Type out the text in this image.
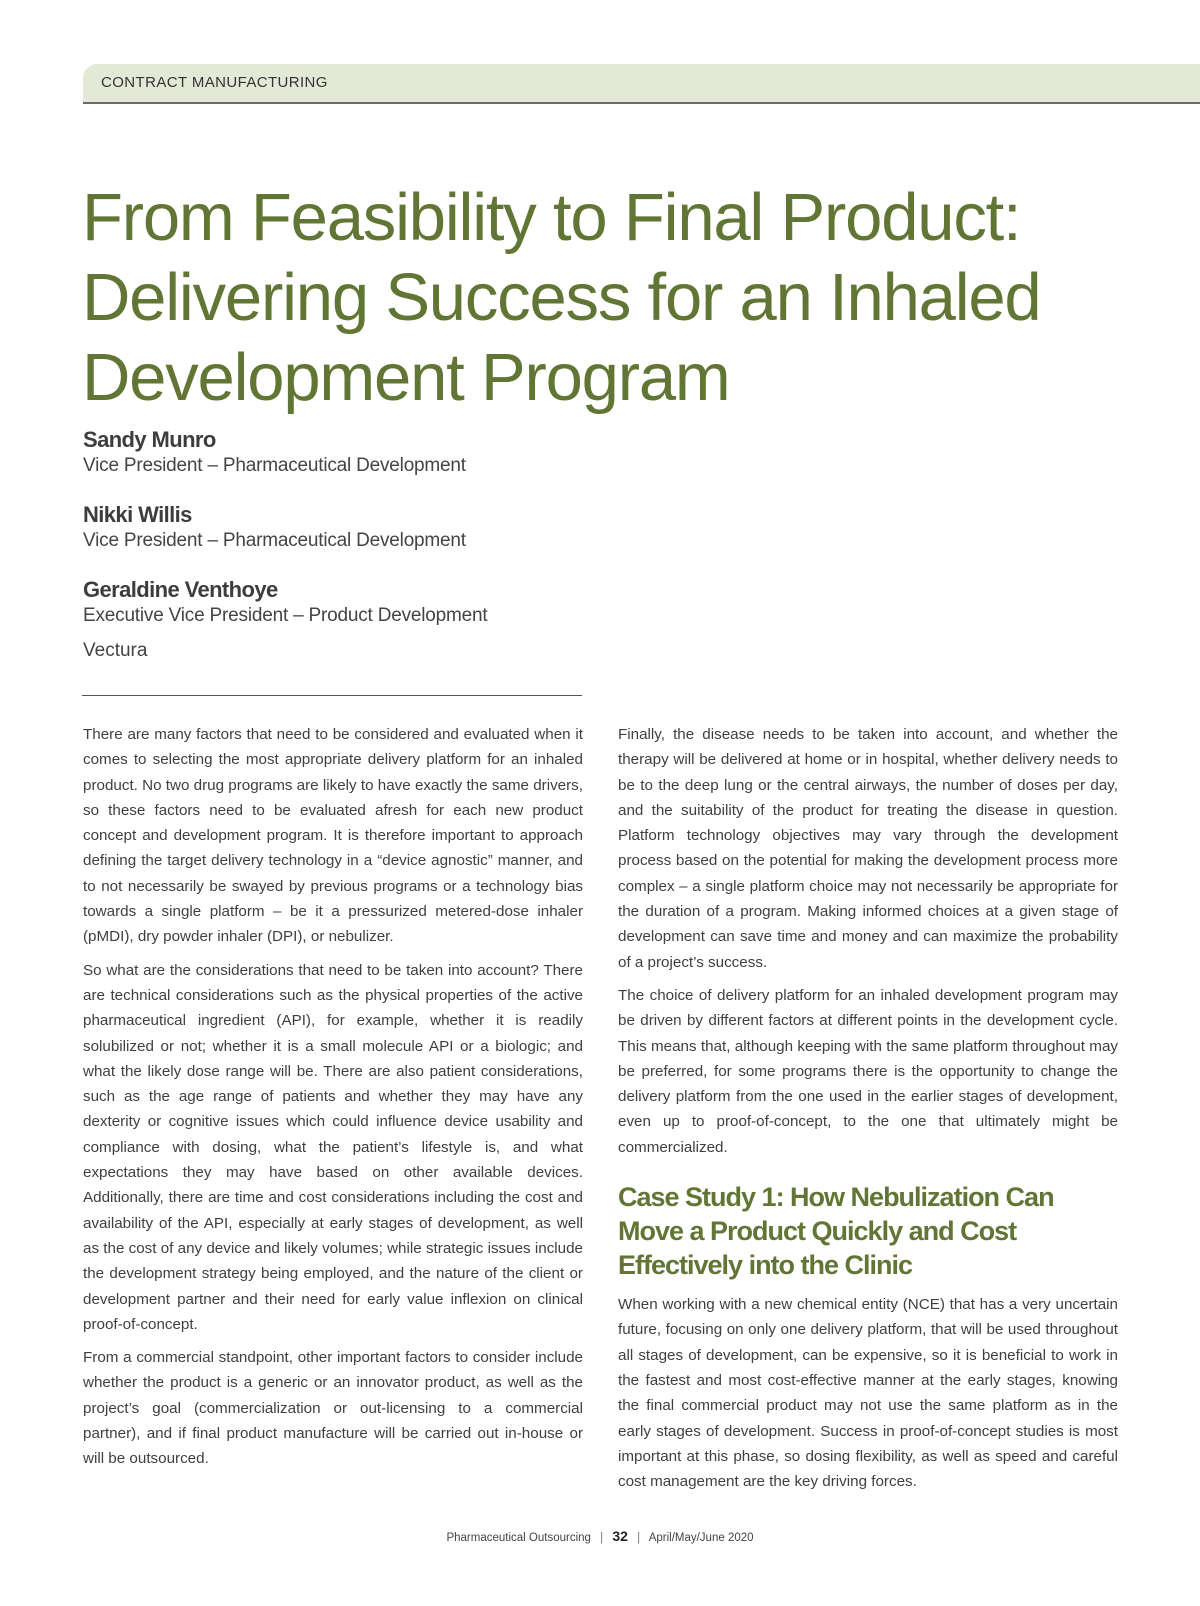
CONTRACT MANUFACTURING
From Feasibility to Final Product:
Delivering Success for an Inhaled
Development Program
Sandy Munro
Vice President – Pharmaceutical Development
Nikki Willis
Vice President – Pharmaceutical Development
Geraldine Venthoye
Executive Vice President – Product Development
Vectura

There are many factors that need to be considered and evaluated when it comes to selecting the most appropriate delivery platform for an inhaled product. No two drug programs are likely to have exactly the same drivers, so these factors need to be evaluated afresh for each new product concept and development program. It is therefore important to approach defining the target delivery technology in a “device agnostic” manner, and to not necessarily be swayed by previous programs or a technology bias towards a single platform – be it a pressurized metered-dose inhaler (pMDI), dry powder inhaler (DPI), or nebulizer.

So what are the considerations that need to be taken into account? There are technical considerations such as the physical properties of the active pharmaceutical ingredient (API), for example, whether it is readily solubilized or not; whether it is a small molecule API or a biologic; and what the likely dose range will be. There are also patient considerations, such as the age range of patients and whether they may have any dexterity or cognitive issues which could influence device usability and compliance with dosing, what the patient’s lifestyle is, and what expectations they may have based on other available devices. Additionally, there are time and cost considerations including the cost and availability of the API, especially at early stages of development, as well as the cost of any device and likely volumes; while strategic issues include the development strategy being employed, and the nature of the client or development partner and their need for early value inflexion on clinical proof-of-concept.

From a commercial standpoint, other important factors to consider include whether the product is a generic or an innovator product, as well as the project’s goal (commercialization or out-licensing to a commercial partner), and if final product manufacture will be carried out in-house or will be outsourced.

Finally, the disease needs to be taken into account, and whether the therapy will be delivered at home or in hospital, whether delivery needs to be to the deep lung or the central airways, the number of doses per day, and the suitability of the product for treating the disease in question. Platform technology objectives may vary through the development process based on the potential for making the development process more complex – a single platform choice may not necessarily be appropriate for the duration of a program. Making informed choices at a given stage of development can save time and money and can maximize the probability of a project’s success.

The choice of delivery platform for an inhaled development program may be driven by different factors at different points in the development cycle. This means that, although keeping with the same platform throughout may be preferred, for some programs there is the opportunity to change the delivery platform from the one used in the earlier stages of development, even up to proof-of-concept, to the one that ultimately might be commercialized.

Case Study 1: How Nebulization Can Move a Product Quickly and Cost Effectively into the Clinic

When working with a new chemical entity (NCE) that has a very uncertain future, focusing on only one delivery platform, that will be used throughout all stages of development, can be expensive, so it is beneficial to work in the fastest and most cost-effective manner at the early stages, knowing the final commercial product may not use the same platform as in the early stages of development. Success in proof-of-concept studies is most important at this phase, so dosing flexibility, as well as speed and careful cost management are the key driving forces.

Pharmaceutical Outsourcing | 32 | April/May/June 2020
